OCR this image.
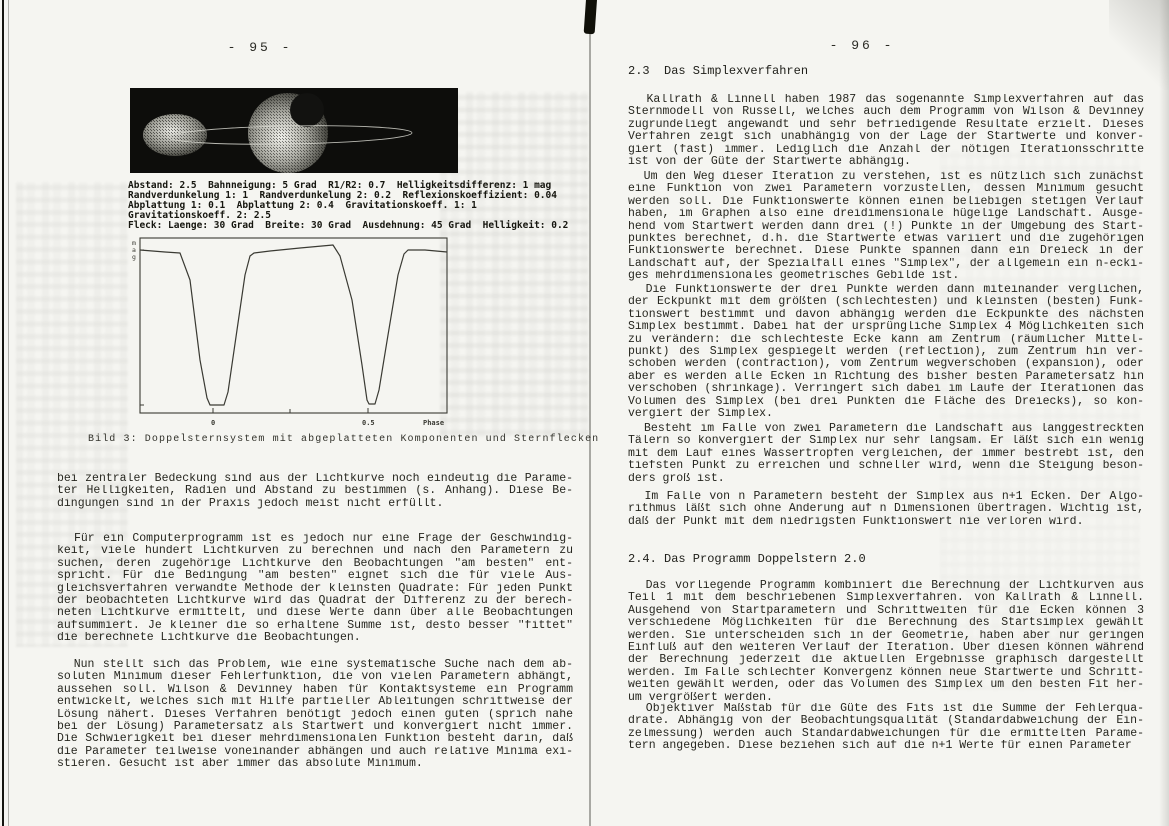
- 95 -
Abstand: 2.5  Bahnneigung: 5 Grad  R1/R2: 0.7  Helligkeitsdifferenz: 1 mag
Randverdunkelung 1: 1  Randverdunkelung 2: 0.2  Reflexionskoeffizient: 0.04
Abplattung 1: 0.1  Abplattung 2: 0.4  Gravitationskoeff. 1: 1
Gravitationskoeff. 2: 2.5
Fleck: Laenge: 30 Grad  Breite: 30 Grad  Ausdehnung: 45 Grad  Helligkeit: 0.2
m a g
0	0.5	Phase
Bild 3: Doppelsternsystem mit abgeplatteten Komponenten und Sternflecken
bei zentraler Bedeckung sind aus der Lichtkurve noch eindeutig die Parame-
ter Helligkeiten, Radien und Abstand zu bestimmen (s. Anhang). Diese Be-
dingungen sind in der Praxis jedoch meist nicht erfüllt.
Für ein Computerprogramm ist es jedoch nur eine Frage der Geschwindig-
keit, viele hundert Lichtkurven zu berechnen und nach den Parametern zu
suchen, deren zugehörige Lichtkurve den Beobachtungen "am besten" ent-
spricht. Für die Bedingung "am besten" eignet sich die für viele Aus-
gleichsverfahren verwandte Methode der kleinsten Quadrate: Für jeden Punkt
der beobachteten Lichtkurve wird das Quadrat der Differenz zu der berech-
neten Lichtkurve ermittelt, und diese Werte dann über alle Beobachtungen
aufsummiert. Je kleiner die so erhaltene Summe ist, desto besser "fittet"
die berechnete Lichtkurve die Beobachtungen.
Nun stellt sich das Problem, wie eine systematische Suche nach dem ab-
soluten Minimum dieser Fehlerfunktion, die von vielen Parametern abhängt,
aussehen soll. Wilson & Devinney haben für Kontaktsysteme ein Programm
entwickelt, welches sich mit Hilfe partieller Ableitungen schrittweise der
Lösung nähert. Dieses Verfahren benötigt jedoch einen guten (sprich nahe
bei der Lösung) Parametersatz als Startwert und konvergiert nicht immer.
Die Schwierigkeit bei dieser mehrdimensionalen Funktion besteht darin, daß
die Parameter teilweise voneinander abhängen und auch relative Minima exi-
stieren. Gesucht ist aber immer das absolute Minimum.
- 96 -
2.3  Das Simplexverfahren
Kallrath & Linnell haben 1987 das sogenannte Simplexverfahren auf das
Sternmodell von Russell, welches auch dem Programm von Wilson & Devinney
zugrundeliegt angewandt und sehr befriedigende Resultate erzielt. Dieses
Verfahren zeigt sich unabhängig von der Lage der Startwerte und konver-
giert (fast) immer. Lediglich die Anzahl der nötigen Iterationsschritte
ist von der Güte der Startwerte abhängig.
Um den Weg dieser Iteration zu verstehen, ist es nützlich sich zunächst
eine Funktion von zwei Parametern vorzustellen, dessen Minimum gesucht
werden soll. Die Funktionswerte können einen beliebigen stetigen Verlauf
haben, im Graphen also eine dreidimensionale hügelige Landschaft. Ausge-
hend vom Startwert werden dann drei (!) Punkte in der Umgebung des Start-
punktes berechnet, d.h. die Startwerte etwas variiert und die zugehörigen
Funktionswerte berechnet. Diese Punkte spannen dann ein Dreieck in der
Landschaft auf, der Spezialfall eines "Simplex", der allgemein ein n-ecki-
ges mehrdimensionales geometrisches Gebilde ist.
Die Funktionswerte der drei Punkte werden dann miteinander verglichen,
der Eckpunkt mit dem größten (schlechtesten) und kleinsten (besten) Funk-
tionswert bestimmt und davon abhängig werden die Eckpunkte des nächsten
Simplex bestimmt. Dabei hat der ursprüngliche Simplex 4 Möglichkeiten sich
zu verändern: die schlechteste Ecke kann am Zentrum (räumlicher Mittel-
punkt) des Simplex gespiegelt werden (reflection), zum Zentrum hin ver-
schoben werden (contraction), vom Zentrum wegverschoben (expansion), oder
aber es werden alle Ecken in Richtung des bisher besten Parametersatz hin
verschoben (shrinkage). Verringert sich dabei im Laufe der Iterationen das
Volumen des Simplex (bei drei Punkten die Fläche des Dreiecks), so kon-
vergiert der Simplex.
Besteht im Falle von zwei Parametern die Landschaft aus langgestreckten
Tälern so konvergiert der Simplex nur sehr langsam. Er läßt sich ein wenig
mit dem Lauf eines Wassertropfen vergleichen, der immer bestrebt ist, den
tiefsten Punkt zu erreichen und schneller wird, wenn die Steigung beson-
ders groß ist.
Im Falle von n Parametern besteht der Simplex aus n+1 Ecken. Der Algo-
rithmus läßt sich ohne Änderung auf n Dimensionen übertragen. Wichtig ist,
daß der Punkt mit dem niedrigsten Funktionswert nie verloren wird.
2.4. Das Programm Doppelstern 2.0
Das vorliegende Programm kombiniert die Berechnung der Lichtkurven aus
Teil 1 mit dem beschriebenen Simplexverfahren. von Kallrath & Linnell.
Ausgehend von Startparametern und Schrittweiten für die Ecken können 3
verschiedene Möglichkeiten für die Berechnung des Startsimplex gewählt
werden. Sie unterscheiden sich in der Geometrie, haben aber nur geringen
Einfluß auf den weiteren Verlauf der Iteration. Über diesen können während
der Berechnung jederzeit die aktuellen Ergebnisse graphisch dargestellt
werden. Im Falle schlechter Konvergenz können neue Startwerte und Schritt-
weiten gewählt werden, oder das Volumen des Simplex um den besten Fit her-
um vergrößert werden.
Objektiver Maßstab für die Güte des Fits ist die Summe der Fehlerqua-
drate. Abhängig von der Beobachtungsqualität (Standardabweichung der Ein-
zelmessung) werden auch Standardabweichungen für die ermittelten Parame-
tern angegeben. Diese beziehen sich auf die n+1 Werte für einen Parameter
